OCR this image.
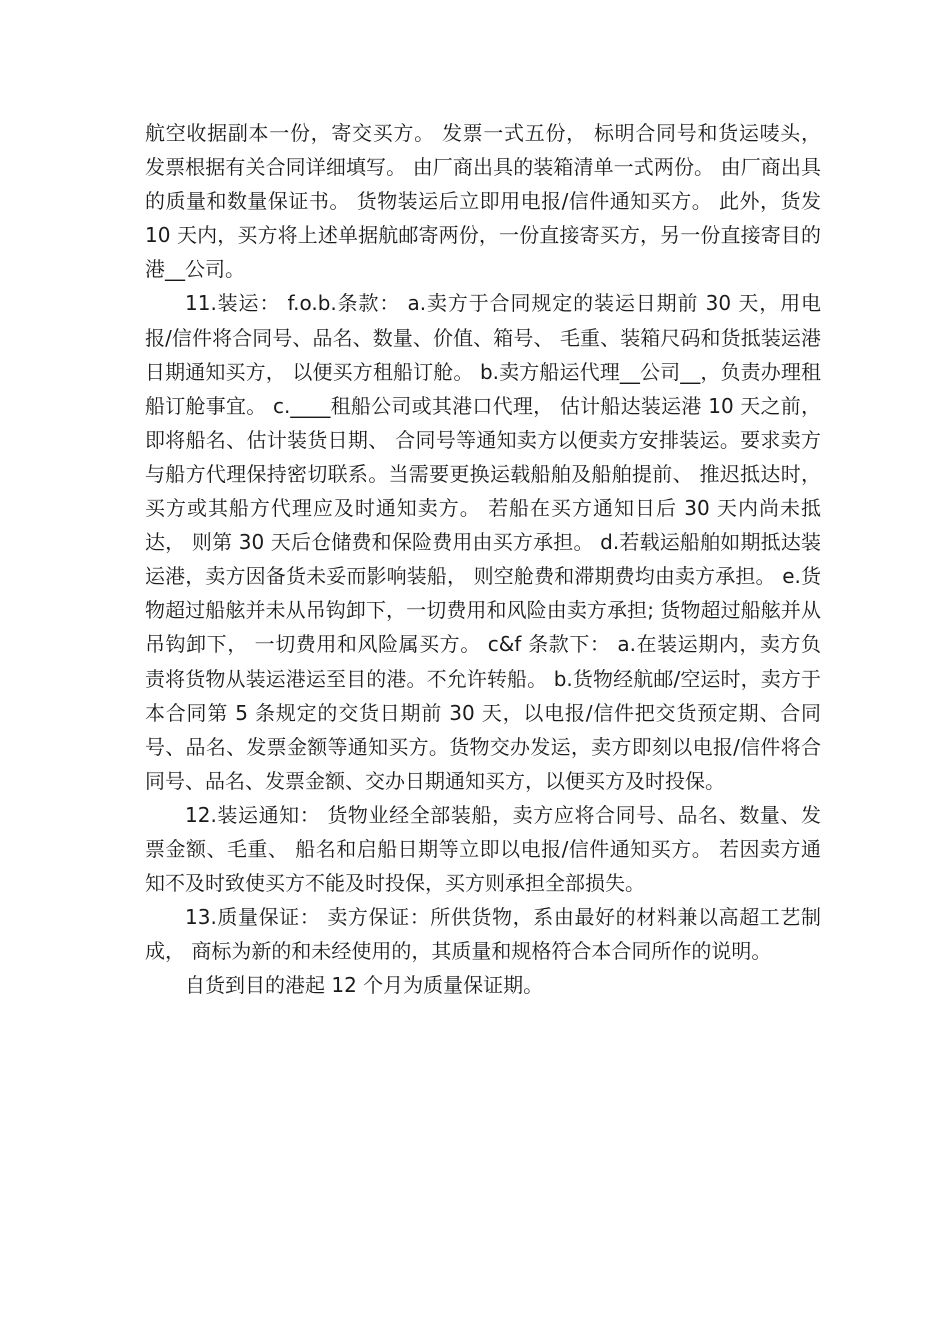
航空收据副本一份，寄交买方。 发票一式五份， 标明合同号和货运唛头， 发票根据有关合同详细填写。 由厂商出具的装箱清单一式两份。 由厂商出具的质量和数量保证书。 货物装运后立即用电报/信件通知买方。 此外，货发 10 天内，买方将上述单据航邮寄两份，一份直接寄买方，另一份直接寄目的港__公司。

11.装运： f.o.b.条款： a.卖方于合同规定的装运日期前 30 天，用电报/信件将合同号、品名、数量、价值、箱号、 毛重、装箱尺码和货抵装运港日期通知买方， 以便买方租船订舱。 b.卖方船运代理__公司__，负责办理租船订舱事宜。 c.____租船公司或其港口代理， 估计船达装运港 10 天之前，即将船名、估计装货日期、 合同号等通知卖方以便卖方安排装运。要求卖方与船方代理保持密切联系。当需要更换运载船舶及船舶提前、 推迟抵达时，买方或其船方代理应及时通知卖方。 若船在买方通知日后 30 天内尚未抵达， 则第 30 天后仓储费和保险费用由买方承担。 d.若载运船舶如期抵达装运港，卖方因备货未妥而影响装船， 则空舱费和滞期费均由卖方承担。 e.货物超过船舷并未从吊钩卸下，一切费用和风险由卖方承担; 货物超过船舷并从吊钩卸下， 一切费用和风险属买方。 c&f 条款下： a.在装运期内，卖方负责将货物从装运港运至目的港。不允许转船。 b.货物经航邮/空运时，卖方于本合同第 5 条规定的交货日期前 30 天，以电报/信件把交货预定期、合同号、品名、发票金额等通知买方。货物交办发运，卖方即刻以电报/信件将合同号、品名、发票金额、交办日期通知买方，以便买方及时投保。

12.装运通知： 货物业经全部装船，卖方应将合同号、品名、数量、发票金额、毛重、 船名和启船日期等立即以电报/信件通知买方。 若因卖方通知不及时致使买方不能及时投保，买方则承担全部损失。

13.质量保证： 卖方保证：所供货物，系由最好的材料兼以高超工艺制成， 商标为新的和未经使用的，其质量和规格符合本合同所作的说明。

自货到目的港起 12 个月为质量保证期。
